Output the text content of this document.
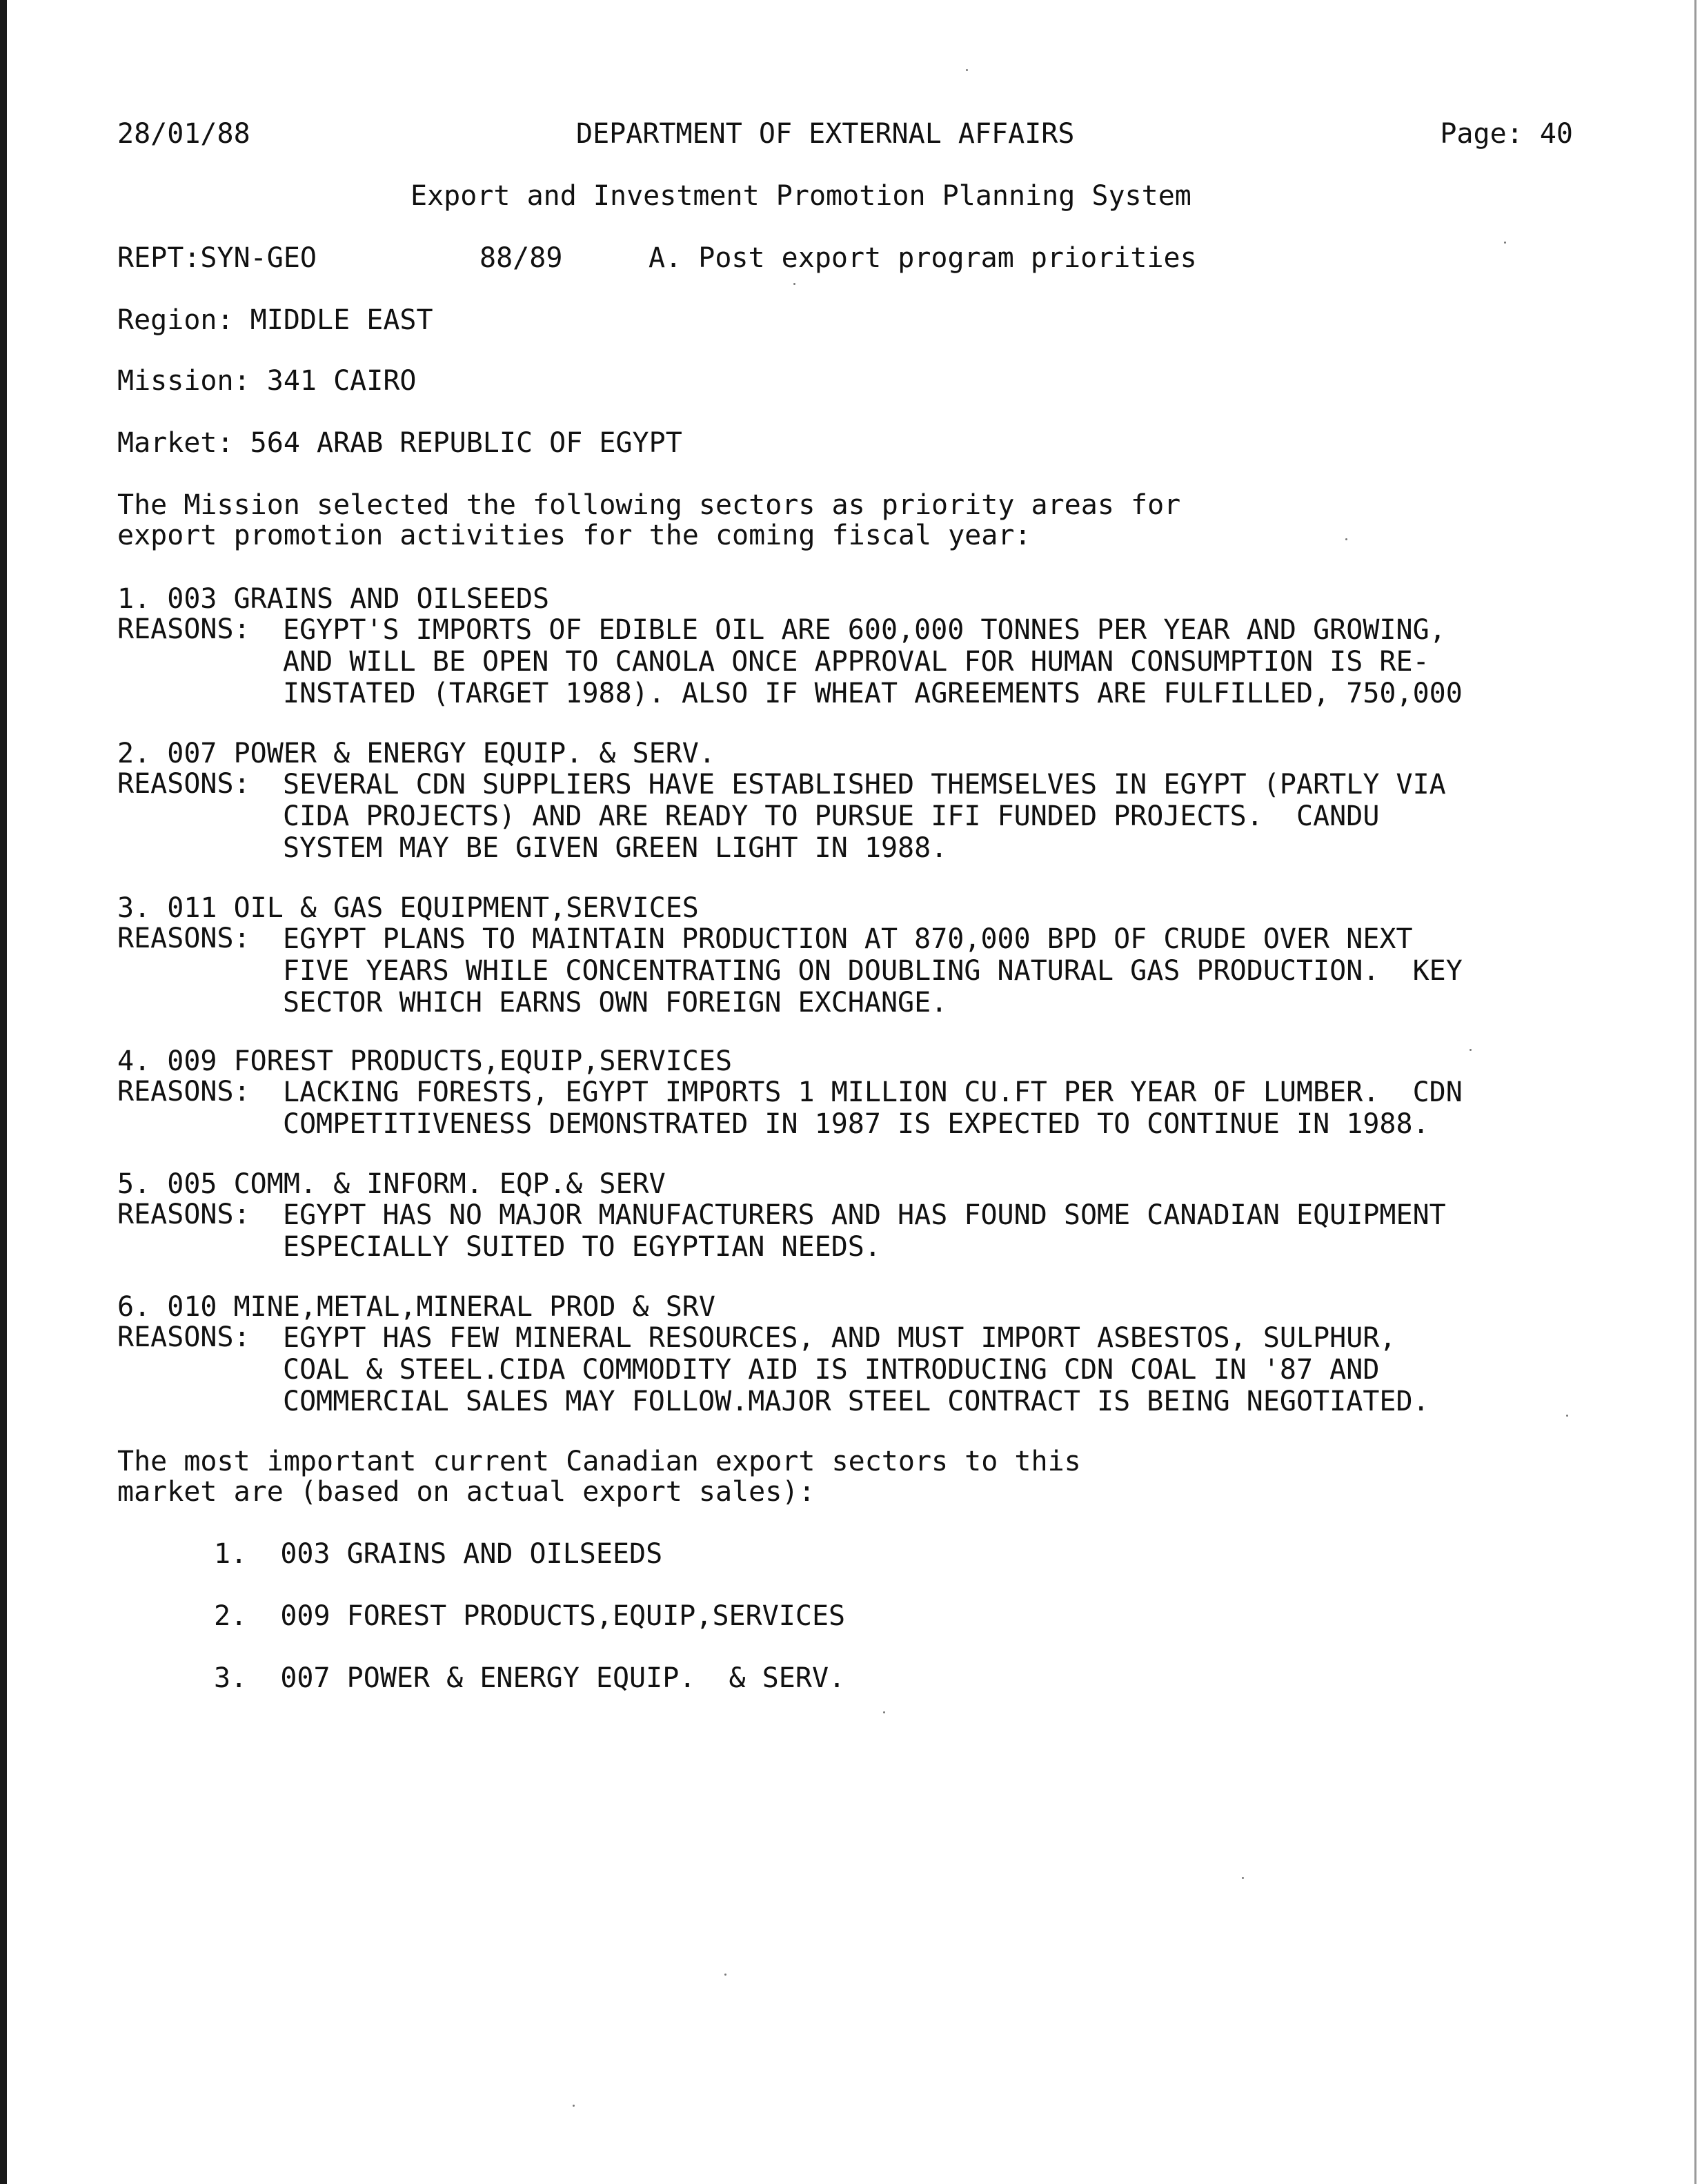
28/01/88	DEPARTMENT OF EXTERNAL AFFAIRS	Page: 40
Export and Investment Promotion Planning System
REPT:SYN-GEO	88/89	A. Post export program priorities
Region: MIDDLE EAST
Mission: 341 CAIRO
Market: 564 ARAB REPUBLIC OF EGYPT
The Mission selected the following sectors as priority areas for
export promotion activities for the coming fiscal year:
1. 003 GRAINS AND OILSEEDS
REASONS: EGYPT'S IMPORTS OF EDIBLE OIL ARE 600,000 TONNES PER YEAR AND GROWING,
AND WILL BE OPEN TO CANOLA ONCE APPROVAL FOR HUMAN CONSUMPTION IS RE-
INSTATED (TARGET 1988). ALSO IF WHEAT AGREEMENTS ARE FULFILLED, 750,000
2. 007 POWER & ENERGY EQUIP. & SERV.
REASONS: SEVERAL CDN SUPPLIERS HAVE ESTABLISHED THEMSELVES IN EGYPT (PARTLY VIA
CIDA PROJECTS) AND ARE READY TO PURSUE IFI FUNDED PROJECTS.  CANDU
SYSTEM MAY BE GIVEN GREEN LIGHT IN 1988.
3. 011 OIL & GAS EQUIPMENT,SERVICES
REASONS: EGYPT PLANS TO MAINTAIN PRODUCTION AT 870,000 BPD OF CRUDE OVER NEXT
FIVE YEARS WHILE CONCENTRATING ON DOUBLING NATURAL GAS PRODUCTION.  KEY
SECTOR WHICH EARNS OWN FOREIGN EXCHANGE.
4. 009 FOREST PRODUCTS,EQUIP,SERVICES
REASONS: LACKING FORESTS, EGYPT IMPORTS 1 MILLION CU.FT PER YEAR OF LUMBER.  CDN
COMPETITIVENESS DEMONSTRATED IN 1987 IS EXPECTED TO CONTINUE IN 1988.
5. 005 COMM. & INFORM. EQP.& SERV
REASONS: EGYPT HAS NO MAJOR MANUFACTURERS AND HAS FOUND SOME CANADIAN EQUIPMENT
ESPECIALLY SUITED TO EGYPTIAN NEEDS.
6. 010 MINE,METAL,MINERAL PROD & SRV
REASONS: EGYPT HAS FEW MINERAL RESOURCES, AND MUST IMPORT ASBESTOS, SULPHUR,
COAL & STEEL.CIDA COMMODITY AID IS INTRODUCING CDN COAL IN '87 AND
COMMERCIAL SALES MAY FOLLOW.MAJOR STEEL CONTRACT IS BEING NEGOTIATED.
The most important current Canadian export sectors to this
market are (based on actual export sales):
1.  003 GRAINS AND OILSEEDS
2.  009 FOREST PRODUCTS,EQUIP,SERVICES
3.  007 POWER & ENERGY EQUIP.  & SERV.
